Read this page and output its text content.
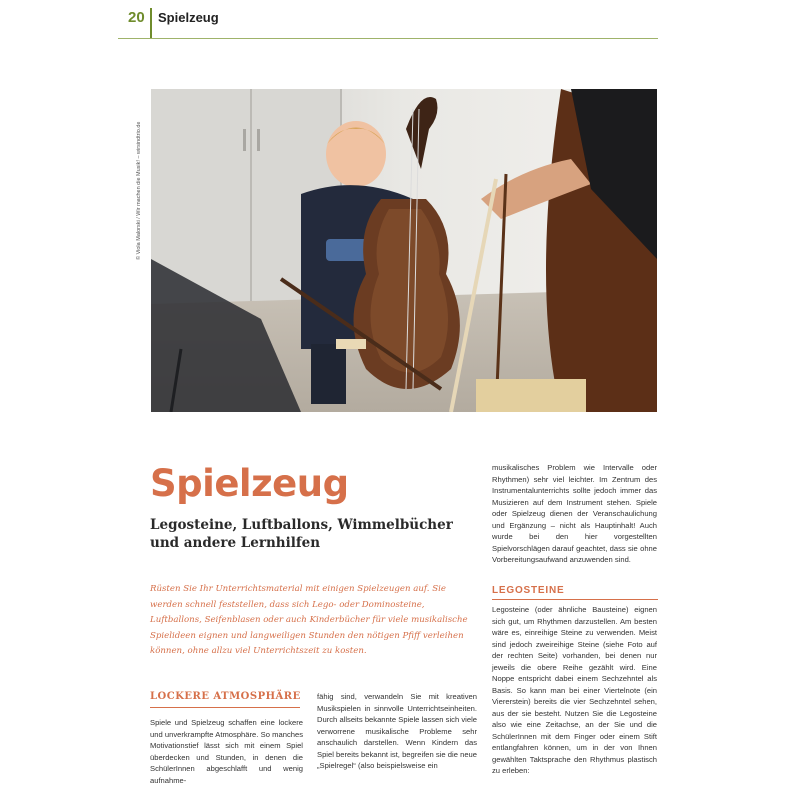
20 Spielzeug
© Viola Malorski / Wir machen die Musik! – wirsindtrio.de
Spielzeug
Legosteine, Luftballons, Wimmelbücher und andere Lernhilfen
Rüsten Sie Ihr Unterrichtsmaterial mit einigen Spielzeugen auf. Sie werden schnell feststellen, dass sich Lego- oder Dominosteine, Luftballons, Seifenblasen oder auch Kinderbücher für viele musikalische Spielideen eignen und langweiligen Stunden den nötigen Pfiff verleihen können, ohne allzu viel Unterrichtszeit zu kosten.
LOCKERE ATMOSPHÄRE

Spiele und Spielzeug schaffen eine lockere und unverkrampfte Atmosphäre. So manches Motivationstief lässt sich mit einem Spiel überdecken und Stunden, in denen die SchülerInnen abgeschlafft und wenig aufnahme-

fähig sind, verwandeln Sie mit kreativen Musikspielen in sinnvolle Unterrichtseinheiten. Durch allseits bekannte Spiele lassen sich viele verworrene musikalische Probleme sehr anschaulich darstellen. Wenn Kindern das Spiel bereits bekannt ist, begreifen sie die neue „Spielregel“ (also beispielsweise ein

musikalisches Problem wie Intervalle oder Rhythmen) sehr viel leichter. Im Zentrum des Instrumentalunterrichts sollte jedoch immer das Musizieren auf dem Instrument stehen. Spiele oder Spielzeug dienen der Veranschaulichung und Ergänzung – nicht als Hauptinhalt! Auch wurde bei den hier vorgestellten Spielvorschlägen darauf geachtet, dass sie ohne Vorbereitungsaufwand anzuwenden sind.

LEGOSTEINE

Legosteine (oder ähnliche Bausteine) eignen sich gut, um Rhythmen darzustellen. Am besten wäre es, einreihige Steine zu verwenden. Meist sind jedoch zweireihige Steine (siehe Foto auf der rechten Seite) vorhanden, bei denen nur jeweils die obere Reihe gezählt wird. Eine Noppe entspricht dabei einem Sechzehntel als Basis. So kann man bei einer Viertelnote (ein Viererstein) bereits die vier Sechzehntel sehen, aus der sie besteht. Nutzen Sie die Legosteine also wie eine Zeitachse, an der Sie und die SchülerInnen mit dem Finger oder einem Stift entlangfahren können, um in der von Ihnen gewählten Taktsprache den Rhythmus plastisch zu erleben:
